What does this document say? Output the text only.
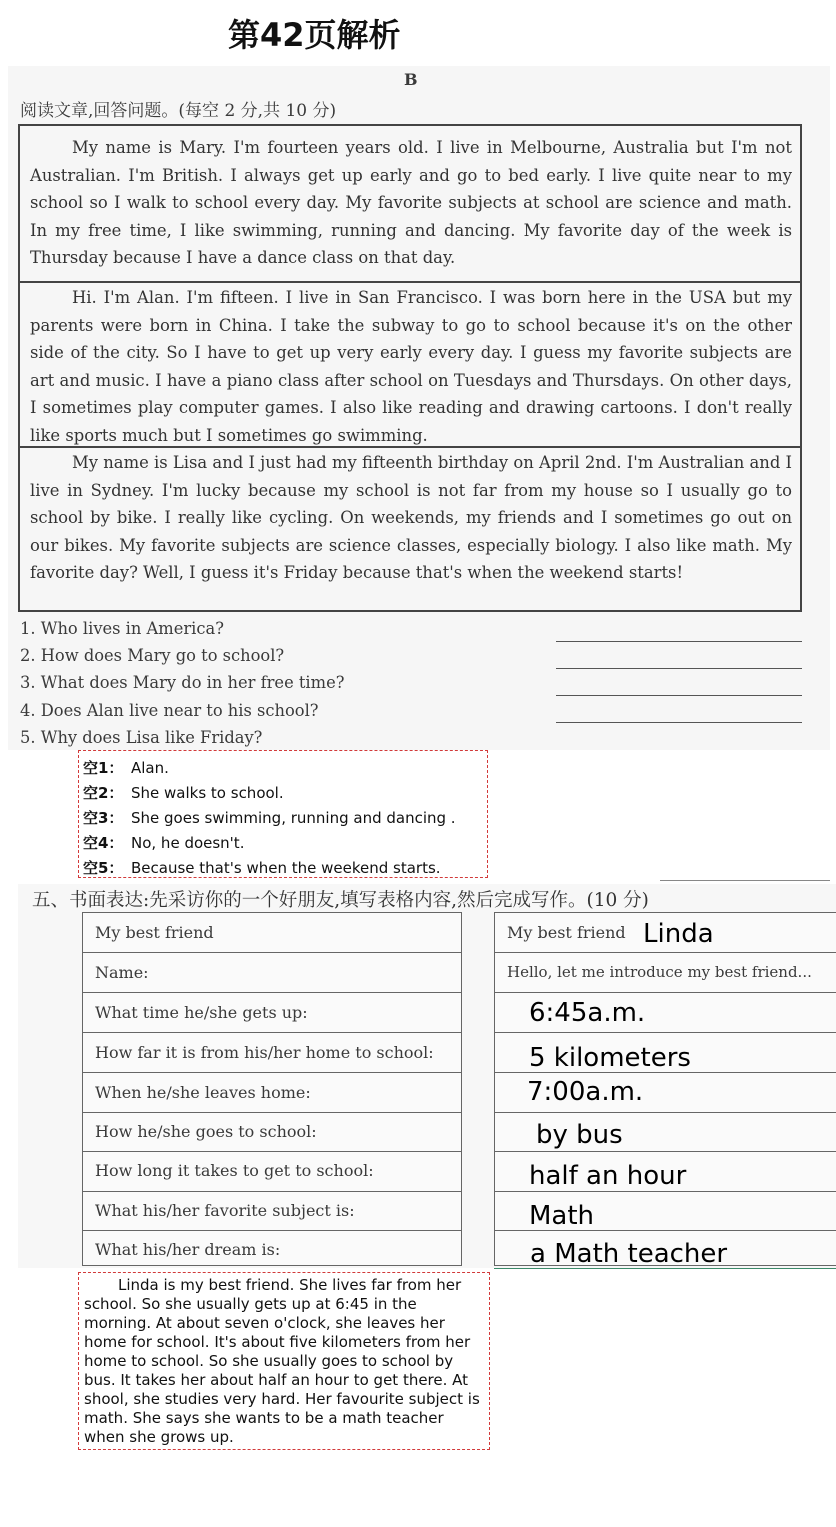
第42页解析
B
阅读文章,回答问题。(每空 2 分,共 10 分)
My name is Mary. I'm fourteen years old. I live in Melbourne, Australia but I'm not Australian. I'm British. I always get up early and go to bed early. I live quite near to my school so I walk to school every day. My favorite subjects at school are science and math. In my free time, I like swimming, running and dancing. My favorite day of the week is Thursday because I have a dance class on that day.
Hi. I'm Alan. I'm fifteen. I live in San Francisco. I was born here in the USA but my parents were born in China. I take the subway to go to school because it's on the other side of the city. So I have to get up very early every day. I guess my favorite subjects are art and music. I have a piano class after school on Tuesdays and Thursdays. On other days, I sometimes play computer games. I also like reading and drawing cartoons. I don't really like sports much but I sometimes go swimming.
My name is Lisa and I just had my fifteenth birthday on April 2nd. I'm Australian and I live in Sydney. I'm lucky because my school is not far from my house so I usually go to school by bike. I really like cycling. On weekends, my friends and I sometimes go out on our bikes. My favorite subjects are science classes, especially biology. I also like math. My favorite day? Well, I guess it's Friday because that's when the weekend starts!
1. Who lives in America?
2. How does Mary go to school?
3. What does Mary do in her free time?
4. Does Alan live near to his school?
5. Why does Lisa like Friday?
空1： Alan.
空2： She walks to school.
空3： She goes swimming, running and dancing .
空4： No, he doesn't.
空5： Because that's when the weekend starts.
五、书面表达:先采访你的一个好朋友,填写表格内容,然后完成写作。(10 分)
My best friend
Name:
What time he/she gets up:
How far it is from his/her home to school:
When he/she leaves home:
How he/she goes to school:
How long it takes to get to school:
What his/her favorite subject is:
What his/her dream is:
My best friend
Hello, let me introduce my best friend...
Linda
6:45a.m.
5 kilometers
7:00a.m.
by bus
half an hour
Math
a Math teacher

Linda is my best friend. She lives far from her school. So she usually gets up at 6:45 in the morning. At about seven o'clock, she leaves her home for school. It's about five kilometers from her home to school. So she usually goes to school by bus. It takes her about half an hour to get there. At shool, she studies very hard. Her favourite subject is math. She says she wants to be a math teacher when she grows up.
